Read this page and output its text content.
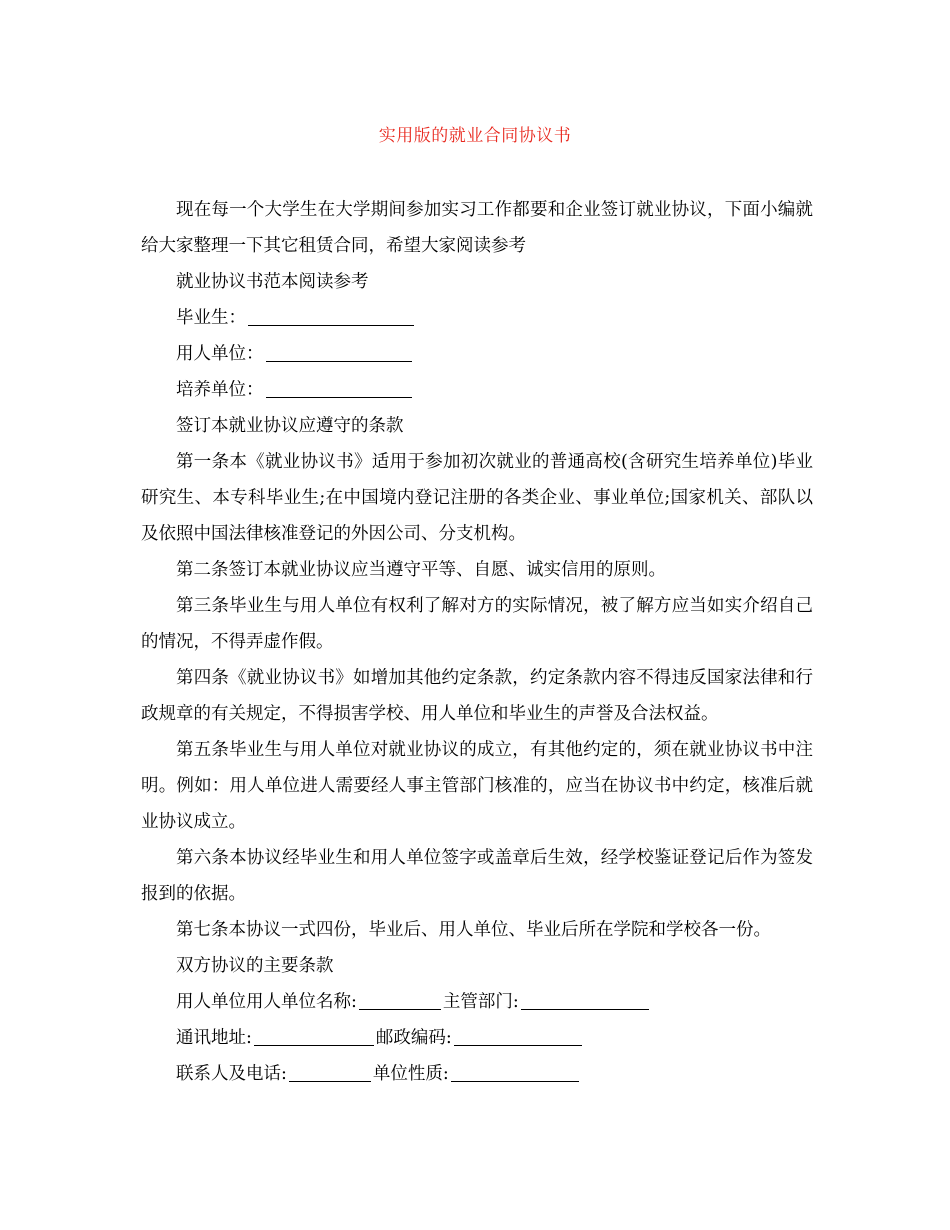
实用版的就业合同协议书

现在每一个大学生在大学期间参加实习工作都要和企业签订就业协议，下面小编就给大家整理一下其它租赁合同，希望大家阅读参考

就业协议书范本阅读参考

毕业生：

用人单位：

培养单位：

签订本就业协议应遵守的条款

第一条本《就业协议书》适用于参加初次就业的普通高校(含研究生培养单位)毕业研究生、本专科毕业生;在中国境内登记注册的各类企业、事业单位;国家机关、部队以及依照中国法律核准登记的外因公司、分支机构。

第二条签订本就业协议应当遵守平等、自愿、诚实信用的原则。

第三条毕业生与用人单位有权利了解对方的实际情况，被了解方应当如实介绍自己的情况，不得弄虚作假。

第四条《就业协议书》如增加其他约定条款，约定条款内容不得违反国家法律和行政规章的有关规定，不得损害学校、用人单位和毕业生的声誉及合法权益。

第五条毕业生与用人单位对就业协议的成立，有其他约定的，须在就业协议书中注明。例如：用人单位进人需要经人事主管部门核准的，应当在协议书中约定，核准后就业协议成立。

第六条本协议经毕业生和用人单位签字或盖章后生效，经学校鉴证登记后作为签发报到的依据。

第七条本协议一式四份，毕业后、用人单位、毕业后所在学院和学校各一份。

双方协议的主要条款

用人单位用人单位名称:	主管部门:

通讯地址:	邮政编码:

联系人及电话:	单位性质:
